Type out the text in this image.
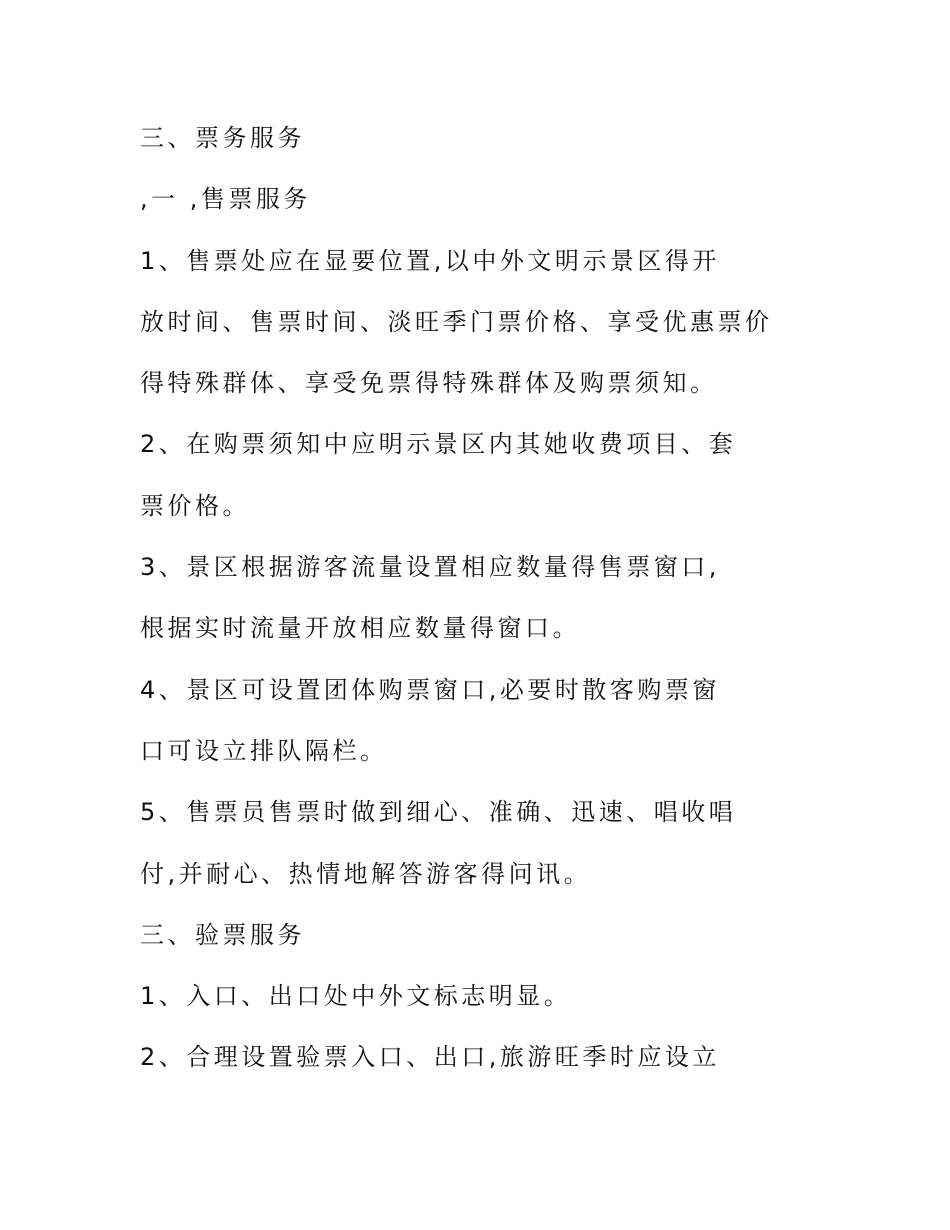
三、票务服务
,一 ,售票服务
1、售票处应在显要位置,以中外文明示景区得开
放时间、售票时间、淡旺季门票价格、享受优惠票价
得特殊群体、享受免票得特殊群体及购票须知。
2、在购票须知中应明示景区内其她收费项目、套
票价格。
3、景区根据游客流量设置相应数量得售票窗口,
根据实时流量开放相应数量得窗口。
4、景区可设置团体购票窗口,必要时散客购票窗
口可设立排队隔栏。
5、售票员售票时做到细心、准确、迅速、唱收唱
付,并耐心、热情地解答游客得问讯。
三、验票服务
1、入口、出口处中外文标志明显。
2、合理设置验票入口、出口,旅游旺季时应设立
